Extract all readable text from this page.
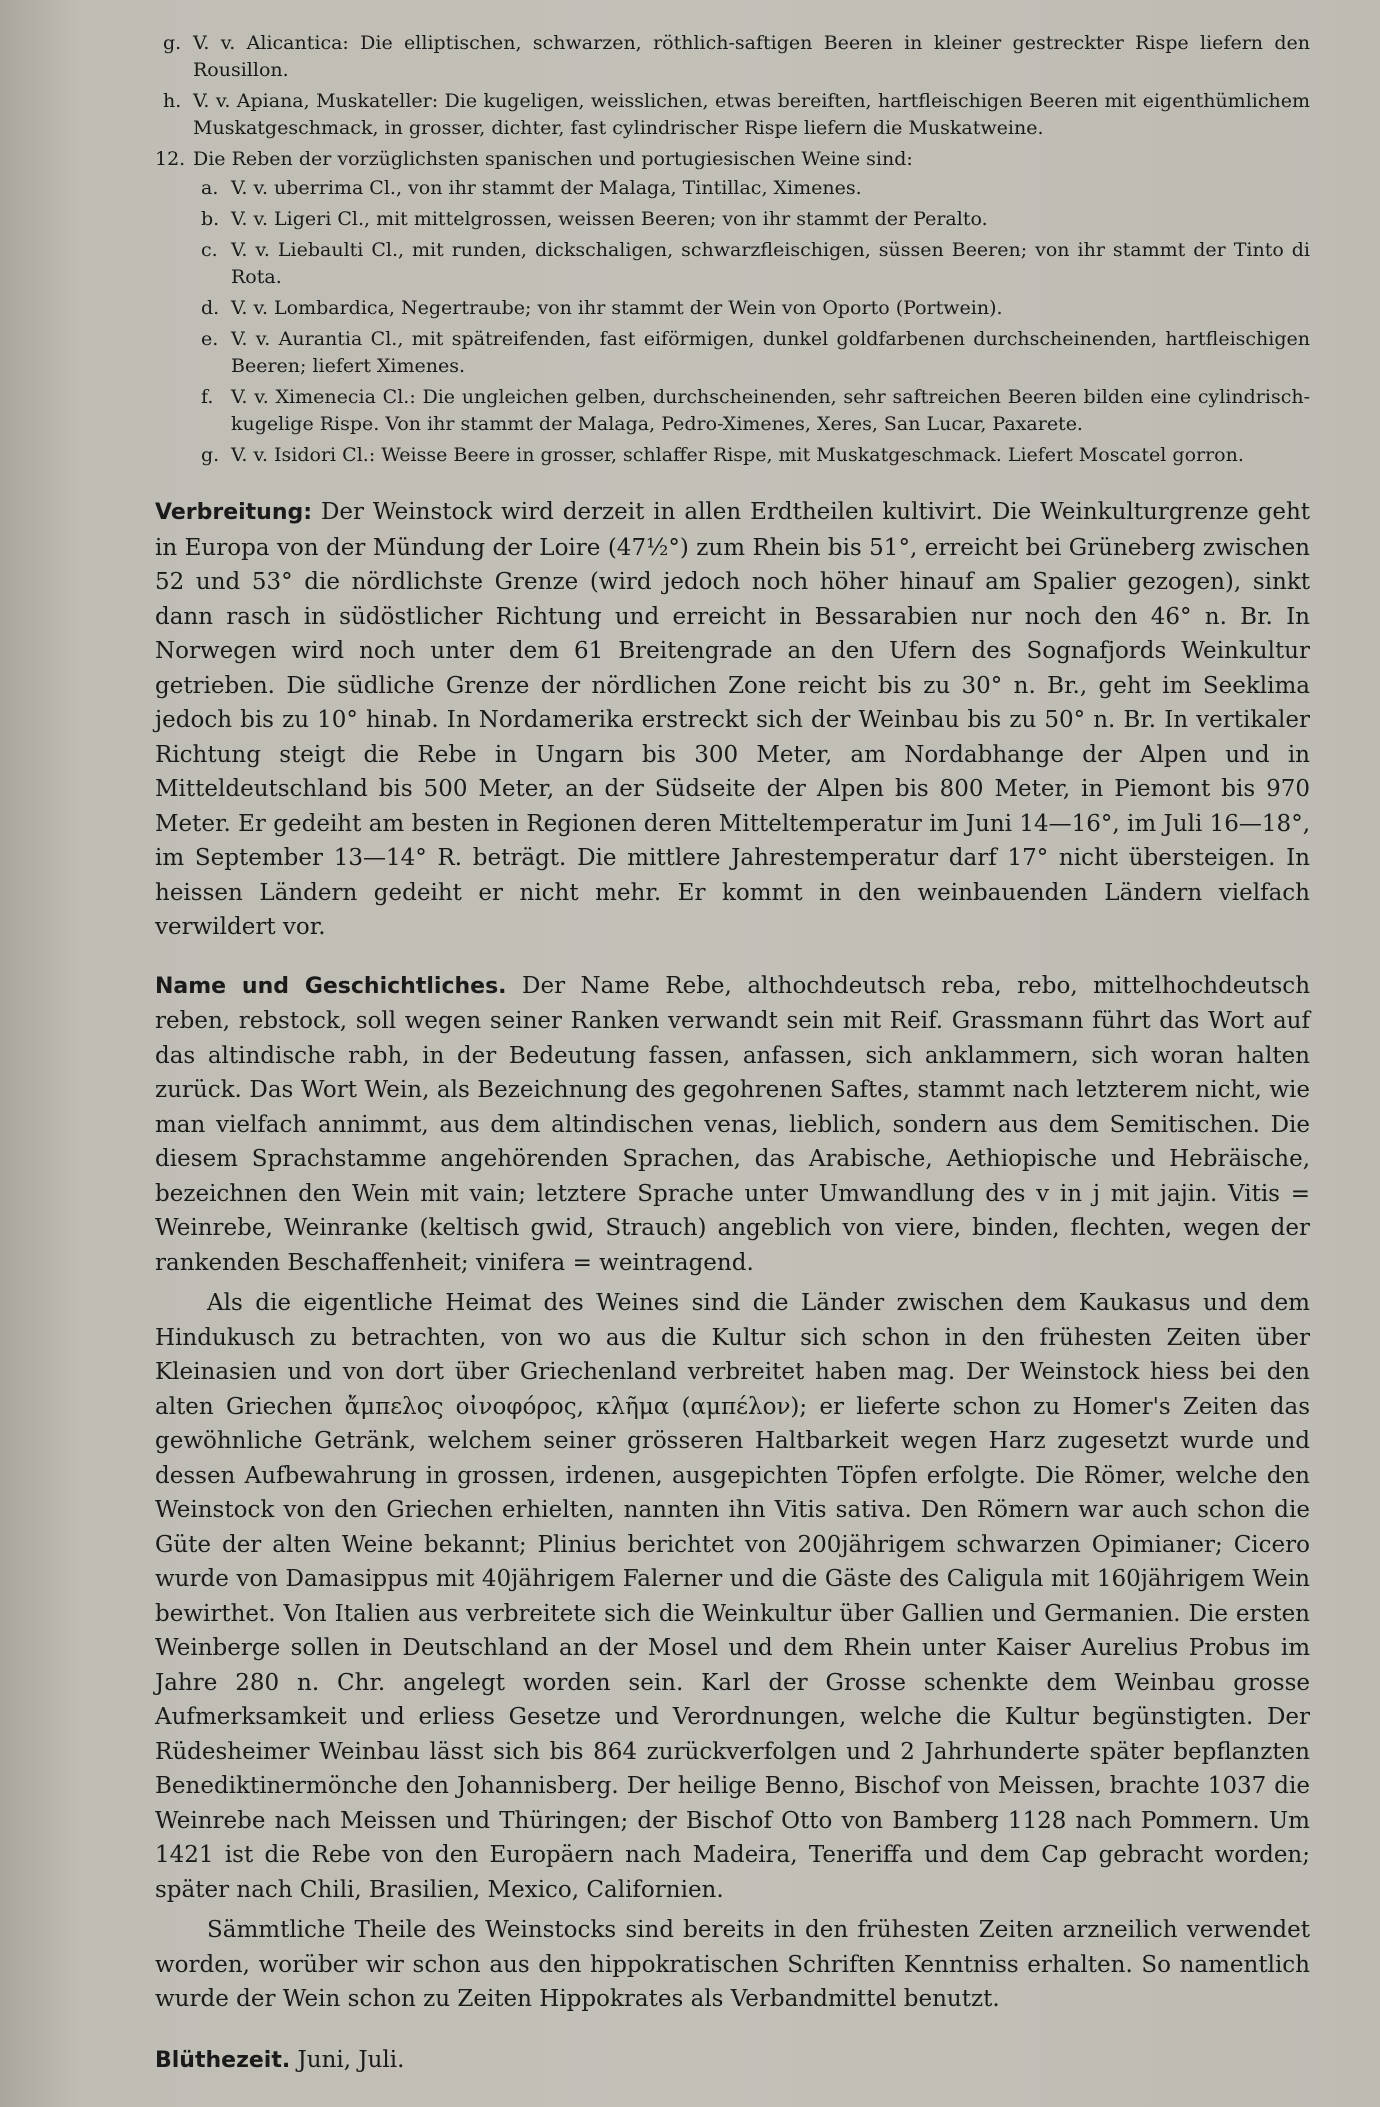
g. V. v. Alicantica: Die elliptischen, schwarzen, röthlich-saftigen Beeren in kleiner gestreckter Rispe liefern den Rousillon.
h. V. v. Apiana, Muskateller: Die kugeligen, weisslichen, etwas bereiften, hartfleischigen Beeren mit eigenthümlichem Muskatgeschmack, in grosser, dichter, fast cylindrischer Rispe liefern die Muskatweine.
12. Die Reben der vorzüglichsten spanischen und portugiesischen Weine sind:
a. V. v. uberrima Cl., von ihr stammt der Malaga, Tintillac, Ximenes.
b. V. v. Ligeri Cl., mit mittelgrossen, weissen Beeren; von ihr stammt der Peralto.
c. V. v. Liebaulti Cl., mit runden, dickschaligen, schwarzfleischigen, süssen Beeren; von ihr stammt der Tinto di Rota.
d. V. v. Lombardica, Negertraube; von ihr stammt der Wein von Oporto (Portwein).
e. V. v. Aurantia Cl., mit spätreifenden, fast eiförmigen, dunkel goldfarbenen durchscheinenden, hartfleischigen Beeren; liefert Ximenes.
f. V. v. Ximenecia Cl.: Die ungleichen gelben, durchscheinenden, sehr saftreichen Beeren bilden eine cylindrisch-kugelige Rispe. Von ihr stammt der Malaga, Pedro-Ximenes, Xeres, San Lucar, Paxarete.
g. V. v. Isidori Cl.: Weisse Beere in grosser, schlaffer Rispe, mit Muskatgeschmack. Liefert Moscatel gorron.

Verbreitung: Der Weinstock wird derzeit in allen Erdtheilen kultivirt. Die Weinkulturgrenze geht in Europa von der Mündung der Loire (47½°) zum Rhein bis 51°, erreicht bei Grüneberg zwischen 52 und 53° die nördlichste Grenze (wird jedoch noch höher hinauf am Spalier gezogen), sinkt dann rasch in südöstlicher Richtung und erreicht in Bessarabien nur noch den 46° n. Br. In Norwegen wird noch unter dem 61 Breitengrade an den Ufern des Sognafjords Weinkultur getrieben. Die südliche Grenze der nördlichen Zone reicht bis zu 30° n. Br., geht im Seeklima jedoch bis zu 10° hinab. In Nordamerika erstreckt sich der Weinbau bis zu 50° n. Br. In vertikaler Richtung steigt die Rebe in Ungarn bis 300 Meter, am Nordabhange der Alpen und in Mitteldeutschland bis 500 Meter, an der Südseite der Alpen bis 800 Meter, in Piemont bis 970 Meter. Er gedeiht am besten in Regionen deren Mitteltemperatur im Juni 14—16°, im Juli 16—18°, im September 13—14° R. beträgt. Die mittlere Jahrestemperatur darf 17° nicht übersteigen. In heissen Ländern gedeiht er nicht mehr. Er kommt in den weinbauenden Ländern vielfach verwildert vor.

Name und Geschichtliches. Der Name Rebe, althochdeutsch reba, rebo, mittelhochdeutsch reben, rebstock, soll wegen seiner Ranken verwandt sein mit Reif. Grassmann führt das Wort auf das altindische rabh, in der Bedeutung fassen, anfassen, sich anklammern, sich woran halten zurück. Das Wort Wein, als Bezeichnung des gegohrenen Saftes, stammt nach letzterem nicht, wie man vielfach annimmt, aus dem altindischen venas, lieblich, sondern aus dem Semitischen. Die diesem Sprachstamme angehörenden Sprachen, das Arabische, Aethiopische und Hebräische, bezeichnen den Wein mit vain; letztere Sprache unter Umwandlung des v in j mit jajin. Vitis = Weinrebe, Weinranke (keltisch gwid, Strauch) angeblich von viere, binden, flechten, wegen der rankenden Beschaffenheit; vinifera = weintragend.

Als die eigentliche Heimat des Weines sind die Länder zwischen dem Kaukasus und dem Hindukusch zu betrachten, von wo aus die Kultur sich schon in den frühesten Zeiten über Kleinasien und von dort über Griechenland verbreitet haben mag. Der Weinstock hiess bei den alten Griechen ἄμπελος οἰνοφόρος, κλῆμα (αμπέλον); er lieferte schon zu Homer's Zeiten das gewöhnliche Getränk, welchem seiner grösseren Haltbarkeit wegen Harz zugesetzt wurde und dessen Aufbewahrung in grossen, irdenen, ausgepichten Töpfen erfolgte. Die Römer, welche den Weinstock von den Griechen erhielten, nannten ihn Vitis sativa. Den Römern war auch schon die Güte der alten Weine bekannt; Plinius berichtet von 200jährigem schwarzen Opimianer; Cicero wurde von Damasippus mit 40jährigem Falerner und die Gäste des Caligula mit 160jährigem Wein bewirthet. Von Italien aus verbreitete sich die Weinkultur über Gallien und Germanien. Die ersten Weinberge sollen in Deutschland an der Mosel und dem Rhein unter Kaiser Aurelius Probus im Jahre 280 n. Chr. angelegt worden sein. Karl der Grosse schenkte dem Weinbau grosse Aufmerksamkeit und erliess Gesetze und Verordnungen, welche die Kultur begünstigten. Der Rüdesheimer Weinbau lässt sich bis 864 zurückverfolgen und 2 Jahrhunderte später bepflanzten Benediktinermönche den Johannisberg. Der heilige Benno, Bischof von Meissen, brachte 1037 die Weinrebe nach Meissen und Thüringen; der Bischof Otto von Bamberg 1128 nach Pommern. Um 1421 ist die Rebe von den Europäern nach Madeira, Teneriffa und dem Cap gebracht worden; später nach Chili, Brasilien, Mexico, Californien.

Sämmtliche Theile des Weinstocks sind bereits in den frühesten Zeiten arzneilich verwendet worden, worüber wir schon aus den hippokratischen Schriften Kenntniss erhalten. So namentlich wurde der Wein schon zu Zeiten Hippokrates als Verbandmittel benutzt.

Blüthezeit. Juni, Juli.
